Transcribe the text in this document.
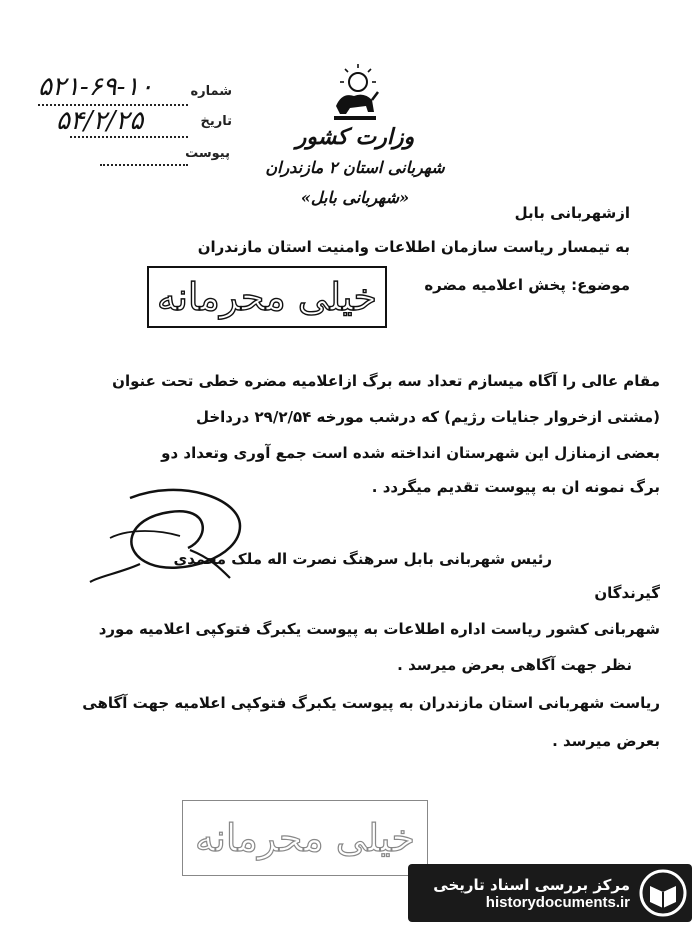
۵۲۱-۶۹-۱۰	شماره
۵۴/۲/۲۵	تاریخ
پیوست
وزارت کشور
شهربانی استان ۲ مازندران
«شهربانی بابل»
ازشهربانی بابل
به تیمسار ریاست سازمان اطلاعات وامنیت استان مازندران
موضوع: پخش اعلامیه مضره
خیلی محرمانه
مقام عالی را آگاه میسازم تعداد سه برگ ازاعلامیه مضره خطی تحت عنوان
(مشتی ازخروار جنایات رژیم) که درشب مورخه ۲۹/۲/۵۴ درداخل
بعضی ازمنازل این شهرستان انداخته شده است جمع آوری وتعداد دو
برگ نمونه ان به پیوست تقدیم میگردد .
رئیس شهربانی بابل سرهنگ نصرت اله ملک محمدی
گیرندگان
شهربانی کشور ریاست اداره اطلاعات به پیوست یکبرگ فتوکپی اعلامیه مورد
نظر جهت آگاهی بعرض میرسد .
ریاست شهربانی استان مازندران به پیوست یکبرگ فتوکپی اعلامیه جهت آگاهی
بعرض میرسد .
خیلی محرمانه
مرکز بررسی اسناد تاریخی
historydocuments.ir
